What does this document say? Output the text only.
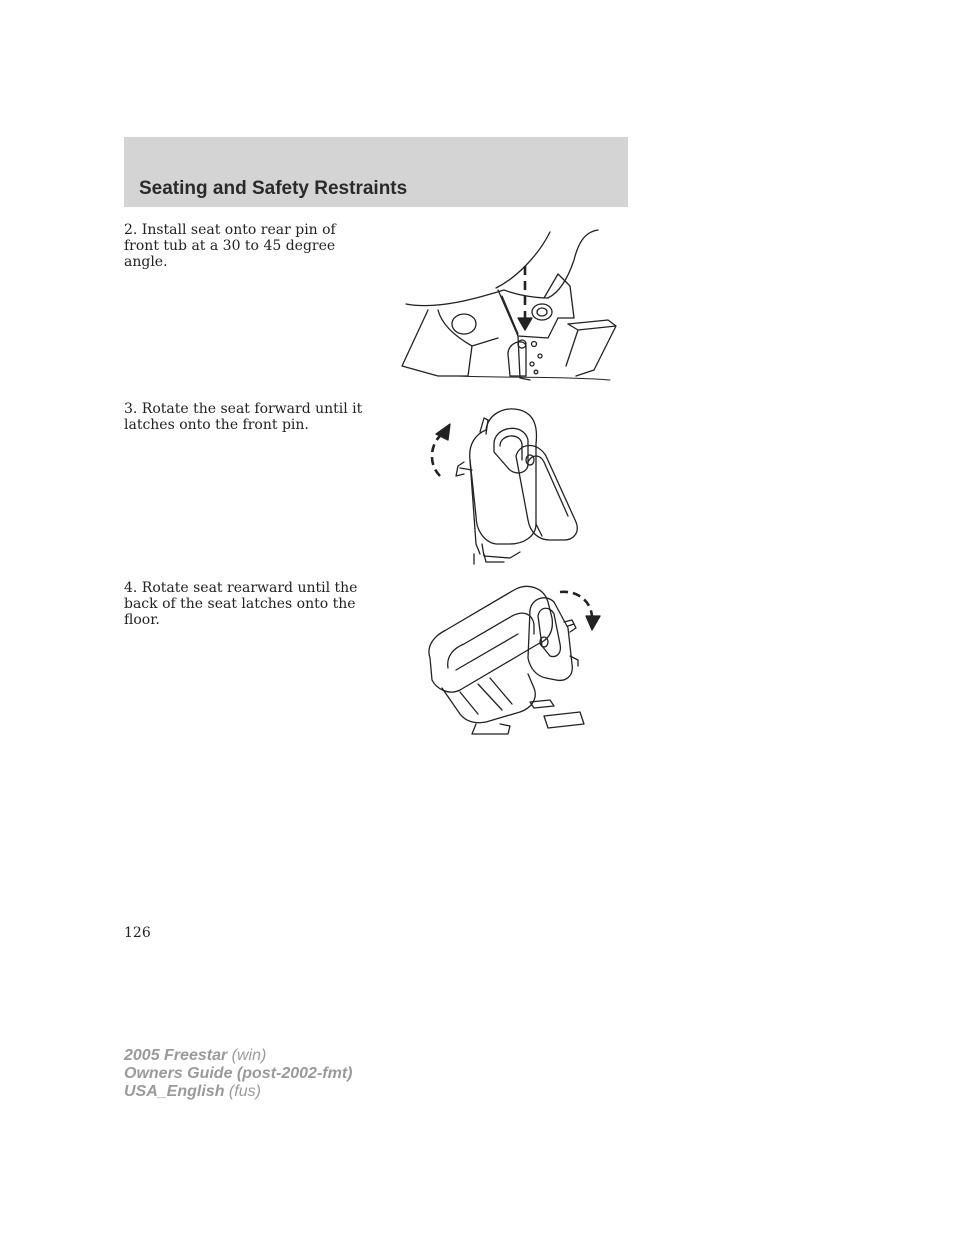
Seating and Safety Restraints

2. Install seat onto rear pin of front tub at a 30 to 45 degree angle.

3. Rotate the seat forward until it latches onto the front pin.

4. Rotate seat rearward until the back of the seat latches onto the floor.

126
2005 Freestar (win)
Owners Guide (post-2002-fmt)
USA_English (fus)
